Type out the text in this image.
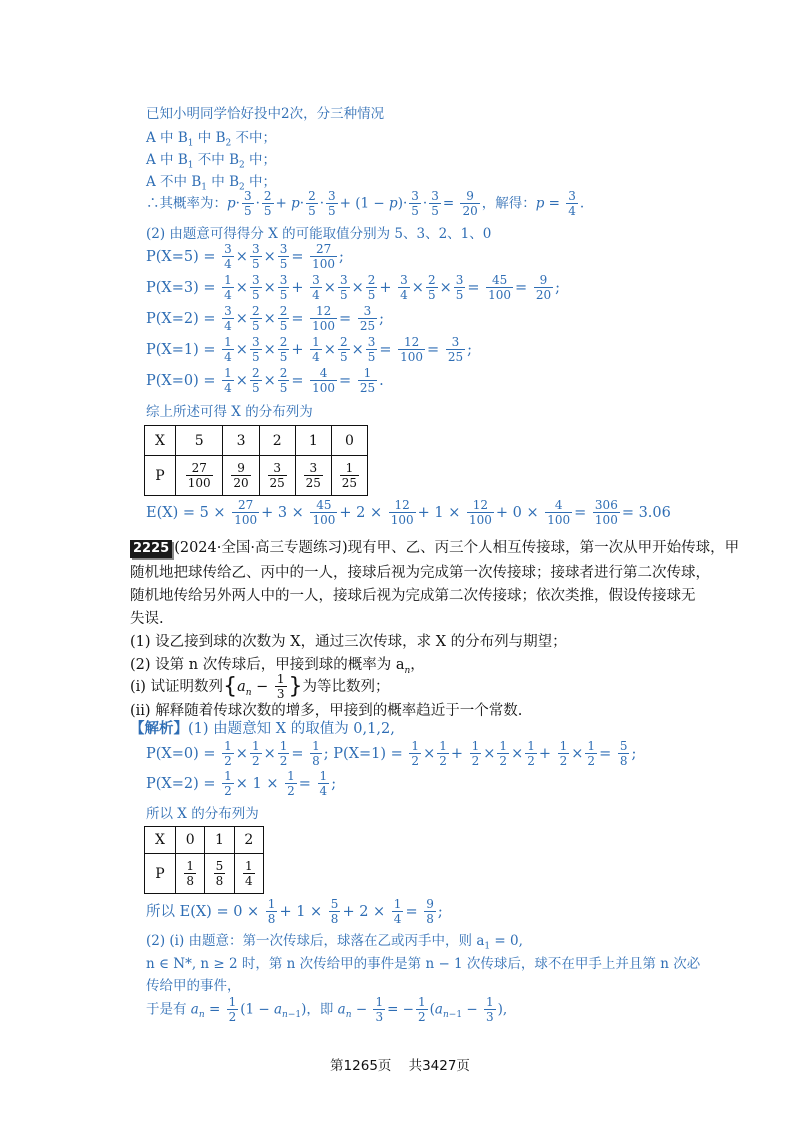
已知小明同学恰好投中2次，分三种情况
A 中 $B_1$ 中 $B_2$ 不中；
A 中 $B_1$ 不中 $B_2$ 中；
A 不中 $B_1$ 中 $B_2$ 中；
∴其概率为：$p\cdot \frac{3}{5} \cdot \frac{2}{5} + p\cdot \frac{2}{5} \cdot \frac{3}{5} + (1 - p)\cdot \frac{3}{5} \cdot \frac{3}{5} = \frac{9}{20}$ ，解得：$p = \frac{3}{4}$ .
(2) 由题意可得得分 X 的可能取值分别为 5、3、2、1、0
$P(X=5) = \frac{3}{4} \times \frac{3}{5} \times \frac{3}{5} = \frac{27}{100}$ ;
$P(X=3) = \frac{1}{4} \times \frac{3}{5} \times \frac{3}{5} + \frac{3}{4} \times \frac{3}{5} \times \frac{2}{5} + \frac{3}{4} \times \frac{2}{5} \times \frac{3}{5} = \frac{45}{100} = \frac{9}{20}$ ;
$P(X=2) = \frac{3}{4} \times \frac{2}{5} \times \frac{2}{5} = \frac{12}{100} = \frac{3}{25}$ ;
$P(X=1) = \frac{1}{4} \times \frac{3}{5} \times \frac{2}{5} + \frac{1}{4} \times \frac{2}{5} \times \frac{3}{5} = \frac{12}{100} = \frac{3}{25}$ ;
$P(X=0) = \frac{1}{4} \times \frac{2}{5} \times \frac{2}{5} = \frac{4}{100} = \frac{1}{25}$ .
综上所述可得 X 的分布列为
X	5	3	2	1	0
P	$\frac{27}{100}$	$\frac{9}{20}$	$\frac{3}{25}$	$\frac{3}{25}$	$\frac{1}{25}$
$E(X) = 5 \times \frac{27}{100} + 3 \times \frac{45}{100} + 2 \times \frac{12}{100} + 1 \times \frac{12}{100} + 0 \times \frac{4}{100} = \frac{306}{100} = 3.06$
2225 (2024·全国·高三专题练习)现有甲、乙、丙三个人相互传接球，第一次从甲开始传球，甲
随机地把球传给乙、丙中的一人，接球后视为完成第一次传接球；接球者进行第二次传球，
随机地传给另外两人中的一人，接球后视为完成第二次传接球；依次类推，假设传接球无
失误.
(1) 设乙接到球的次数为 X，通过三次传球，求 X 的分布列与期望；
(2) 设第 n 次传球后，甲接到球的概率为 $a_n$，
(i) 试证明数列{$a_n - \frac{1}{3}$ }为等比数列；
(ii) 解释随着传球次数的增多，甲接到的概率趋近于一个常数.
【解析】(1) 由题意知 X 的取值为 0,1,2,
$P(X=0) = \frac{1}{2} \times \frac{1}{2} \times \frac{1}{2} = \frac{1}{8}$ ; $P(X=1) = \frac{1}{2} \times \frac{1}{2} + \frac{1}{2} \times \frac{1}{2} \times \frac{1}{2} + \frac{1}{2} \times \frac{1}{2} = \frac{5}{8}$ ;
$P(X=2) = \frac{1}{2} \times 1 \times \frac{1}{2} = \frac{1}{4}$ ;
所以 X 的分布列为
X	0	1	2
P	$\frac{1}{8}$	$\frac{5}{8}$	$\frac{1}{4}$
所以 $E(X) = 0 \times \frac{1}{8} + 1 \times \frac{5}{8} + 2 \times \frac{1}{4} = \frac{9}{8}$ ;
(2) (i) 由题意：第一次传球后，球落在乙或丙手中，则 $a_1 = 0$,
n ∈ N*, n ≥ 2 时，第 n 次传给甲的事件是第 n − 1 次传球后，球不在甲手上并且第 n 次必
传给甲的事件，
于是有 $a_n = \frac{1}{2} (1 - a_{n-1})$，即 $a_n - \frac{1}{3}$ = − $\frac{1}{2} (a_{n-1} - \frac{1}{3}$ ),
第1265页 共3427页
